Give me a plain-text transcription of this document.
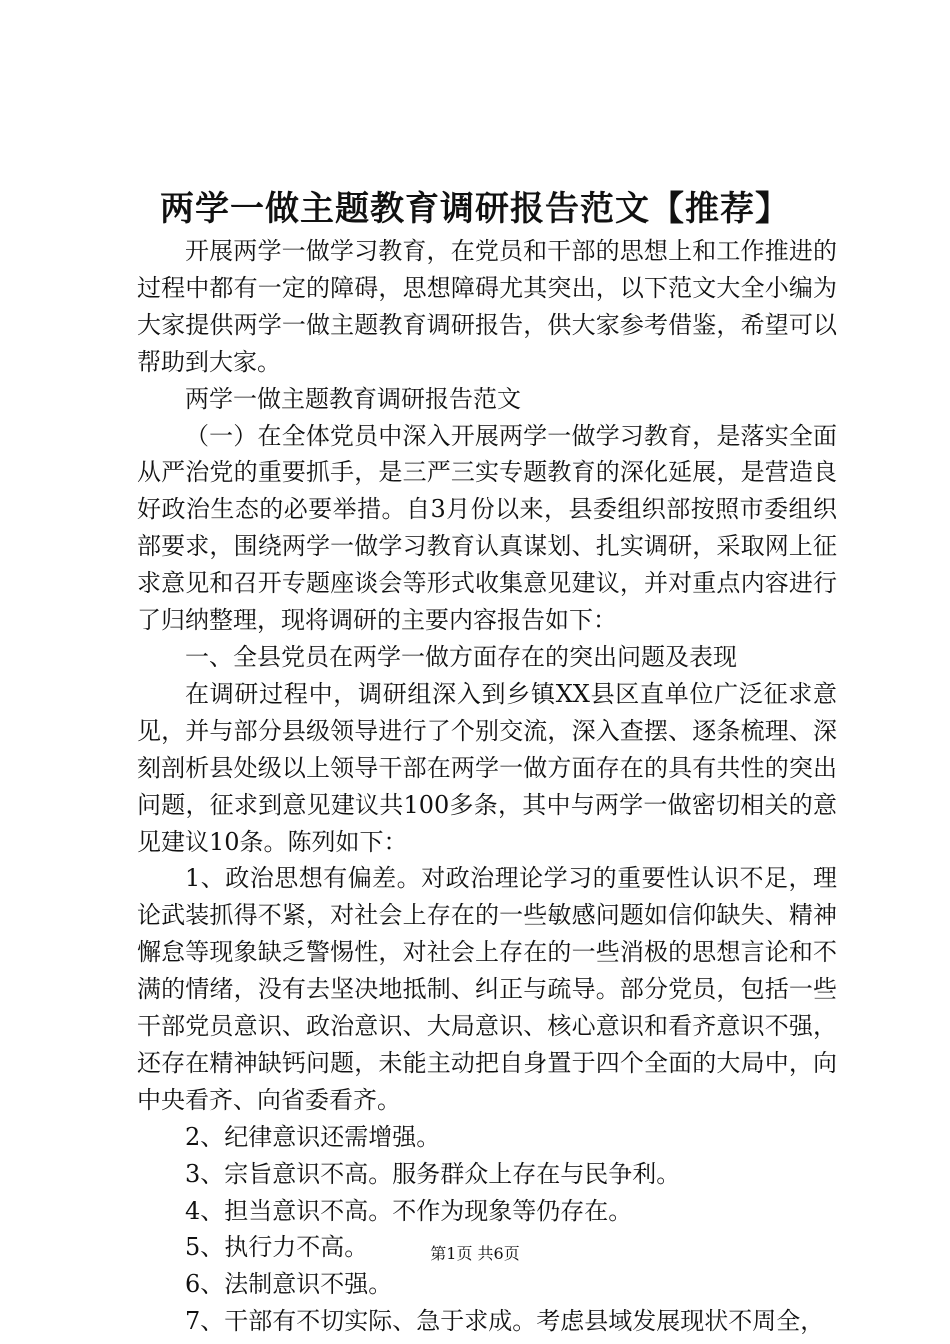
两学一做主题教育调研报告范文【推荐】

开展两学一做学习教育，在党员和干部的思想上和工作推进的过程中都有一定的障碍，思想障碍尤其突出，以下范文大全小编为大家提供两学一做主题教育调研报告，供大家参考借鉴，希望可以帮助到大家。

两学一做主题教育调研报告范文

（一）在全体党员中深入开展两学一做学习教育，是落实全面从严治党的重要抓手，是三严三实专题教育的深化延展，是营造良好政治生态的必要举措。自3月份以来，县委组织部按照市委组织部要求，围绕两学一做学习教育认真谋划、扎实调研，采取网上征求意见和召开专题座谈会等形式收集意见建议，并对重点内容进行了归纳整理，现将调研的主要内容报告如下：

一、全县党员在两学一做方面存在的突出问题及表现

在调研过程中，调研组深入到乡镇XX县区直单位广泛征求意见，并与部分县级领导进行了个别交流，深入查摆、逐条梳理、深刻剖析县处级以上领导干部在两学一做方面存在的具有共性的突出问题，征求到意见建议共100多条，其中与两学一做密切相关的意见建议10条。陈列如下：

1、政治思想有偏差。对政治理论学习的重要性认识不足，理论武装抓得不紧，对社会上存在的一些敏感问题如信仰缺失、精神懈怠等现象缺乏警惕性，对社会上存在的一些消极的思想言论和不满的情绪，没有去坚决地抵制、纠正与疏导。部分党员，包括一些干部党员意识、政治意识、大局意识、核心意识和看齐意识不强，还存在精神缺钙问题，未能主动把自身置于四个全面的大局中，向中央看齐、向省委看齐。

2、纪律意识还需增强。

3、宗旨意识不高。服务群众上存在与民争利。

4、担当意识不高。不作为现象等仍存在。

5、执行力不高。

6、法制意识不强。

7、干部有不切实际、急于求成。考虑县域发展现状不周全，

第1页 共6页
